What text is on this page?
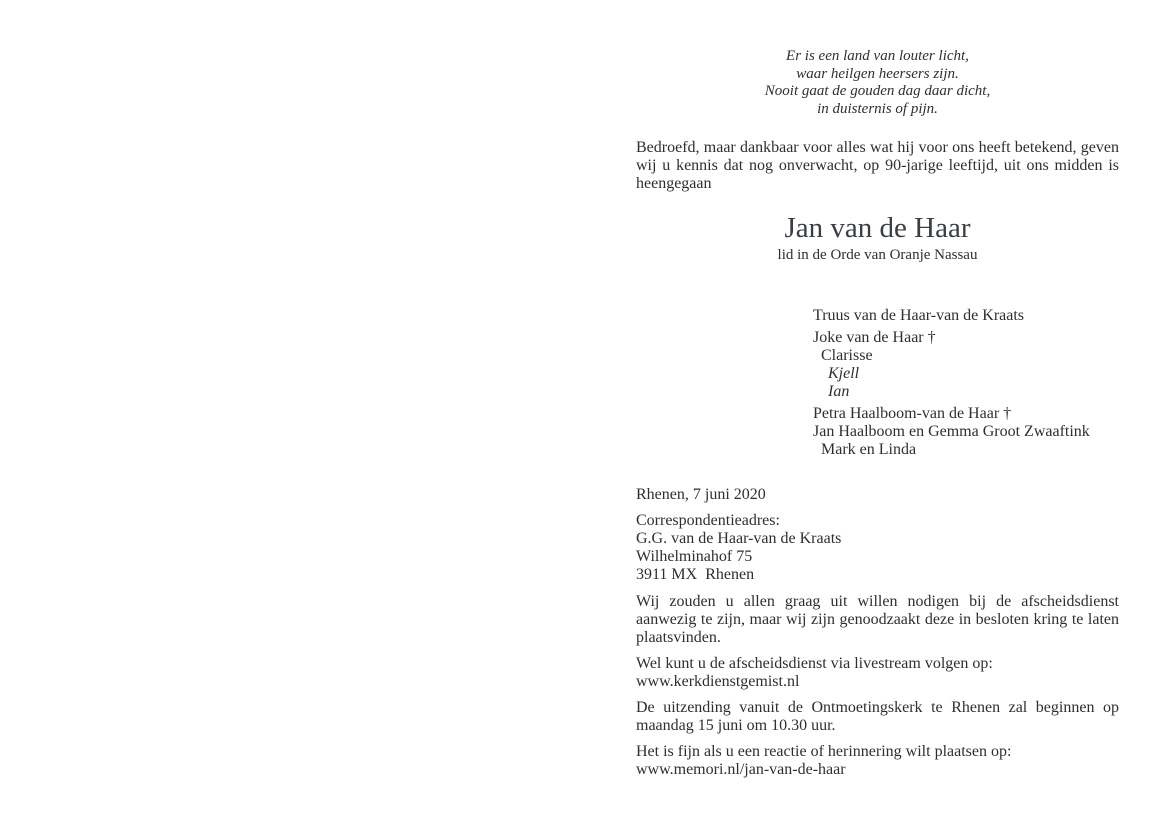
Er is een land van louter licht,
waar heilgen heersers zijn.
Nooit gaat de gouden dag daar dicht,
in duisternis of pijn.
Bedroefd, maar dankbaar voor alles wat hij voor ons heeft betekend, geven wij u kennis dat nog onverwacht, op 90-jarige leeftijd, uit ons midden is heengegaan
Jan van de Haar
lid in de Orde van Oranje Nassau
Truus van de Haar-van de Kraats
Joke van de Haar †
Clarisse
Kjell
Ian
Petra Haalboom-van de Haar †
Jan Haalboom en Gemma Groot Zwaaftink
Mark en Linda
Rhenen, 7 juni 2020
Correspondentieadres:
G.G. van de Haar-van de Kraats
Wilhelminahof 75
3911 MX  Rhenen
Wij zouden u allen graag uit willen nodigen bij de afscheidsdienst aanwezig te zijn, maar wij zijn genoodzaakt deze in besloten kring te laten plaatsvinden.
Wel kunt u de afscheidsdienst via livestream volgen op:
www.kerkdienstgemist.nl
De uitzending vanuit de Ontmoetingskerk te Rhenen zal beginnen op maandag 15 juni om 10.30 uur.
Het is fijn als u een reactie of herinnering wilt plaatsen op:
www.memori.nl/jan-van-de-haar
